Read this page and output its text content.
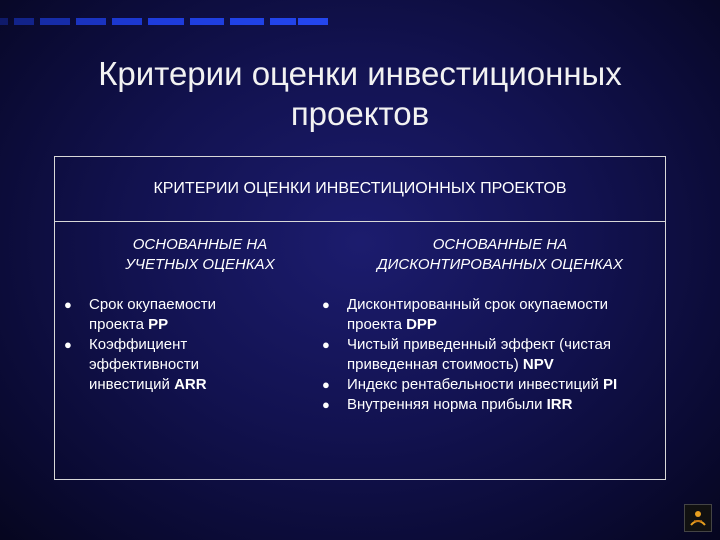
Критерии оценки инвестиционных
проектов
КРИТЕРИИ ОЦЕНКИ ИНВЕСТИЦИОННЫХ ПРОЕКТОВ
ОСНОВАННЫЕ НА
УЧЕТНЫХ ОЦЕНКАХ
ОСНОВАННЫЕ НА
ДИСКОНТИРОВАННЫХ ОЦЕНКАХ
● Срок окупаемости проекта PP
● Коэффициент эффективности инвестиций ARR
● Дисконтированный срок окупаемости проекта DPP
● Чистый приведенный эффект (чистая приведенная стоимость) NPV
● Индекс рентабельности инвестиций PI
● Внутренняя норма прибыли IRR
